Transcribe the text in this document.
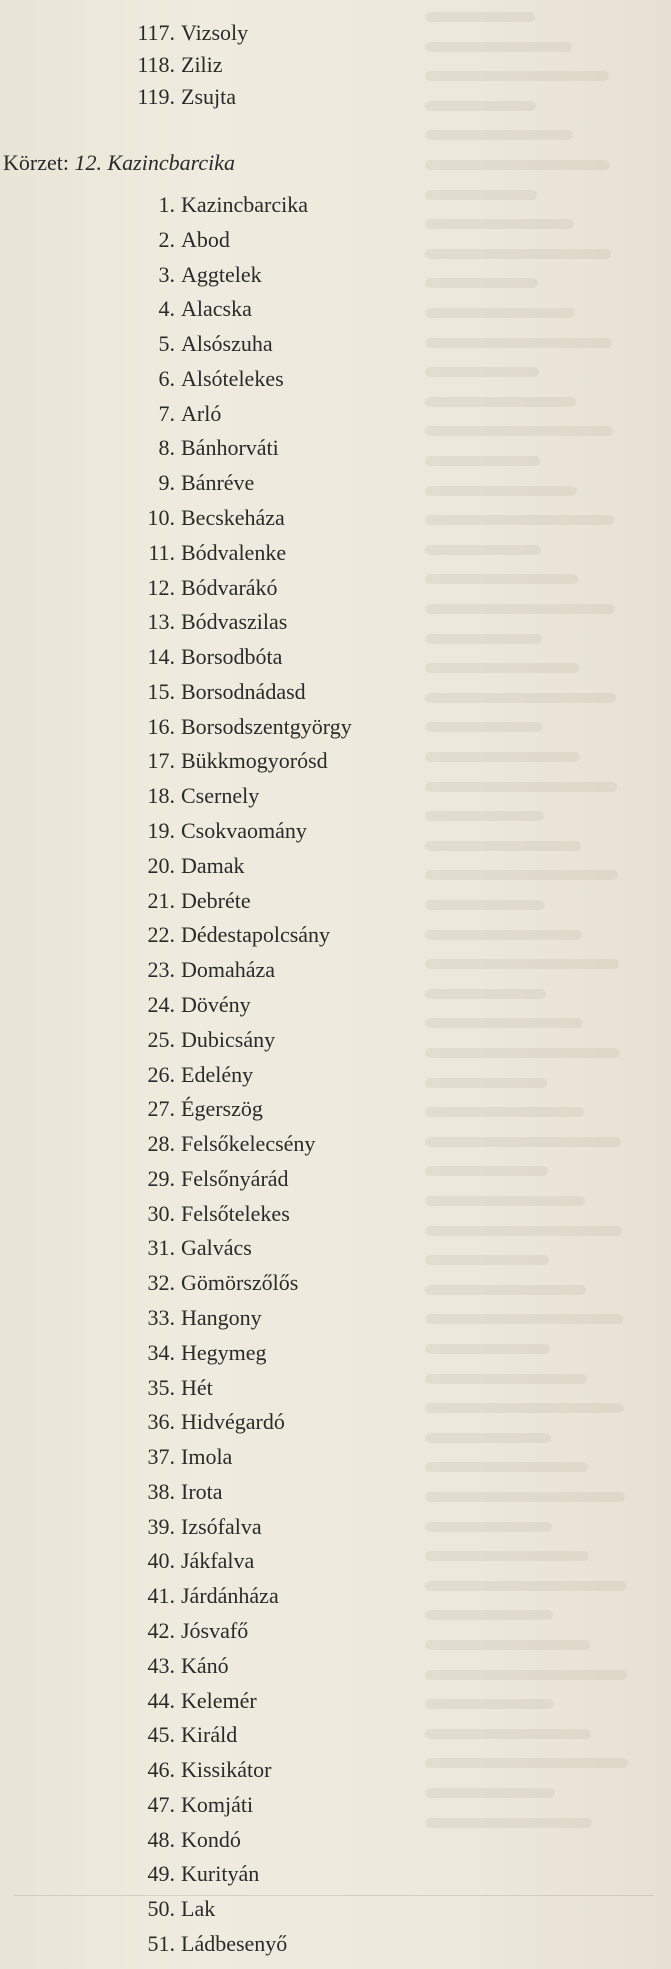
117. Vizsoly
118. Ziliz
119. Zsujta
1. Kazincbarcika
2. Abod
3. Aggtelek
4. Alacska
5. Alsószuha
6. Alsótelekes
7. Arló
8. Bánhorváti
9. Bánréve
10. Becskeháza
11. Bódvalenke
12. Bódvarákó
13. Bódvaszilas
14. Borsodbóta
15. Borsodnádasd
16. Borsodszentgyörgy
17. Bükkmogyorósd
18. Csernely
19. Csokvaomány
20. Damak
21. Debréte
22. Dédestapolcsány
23. Domaháza
24. Dövény
25. Dubicsány
26. Edelény
27. Égerszög
28. Felsőkelecsény
29. Felsőnyárád
30. Felsőtelekes
31. Galvács
32. Gömörszőlős
33. Hangony
34. Hegymeg
35. Hét
36. Hidvégardó
37. Imola
38. Irota
39. Izsófalva
40. Jákfalva
41. Járdánháza
42. Jósvafő
43. Kánó
44. Kelemér
45. Királd
46. Kissikátor
47. Komjáti
48. Kondó
49. Kurityán
50. Lak
51. Ládbesenyő
Körzet: 12. Kazincbarcika
